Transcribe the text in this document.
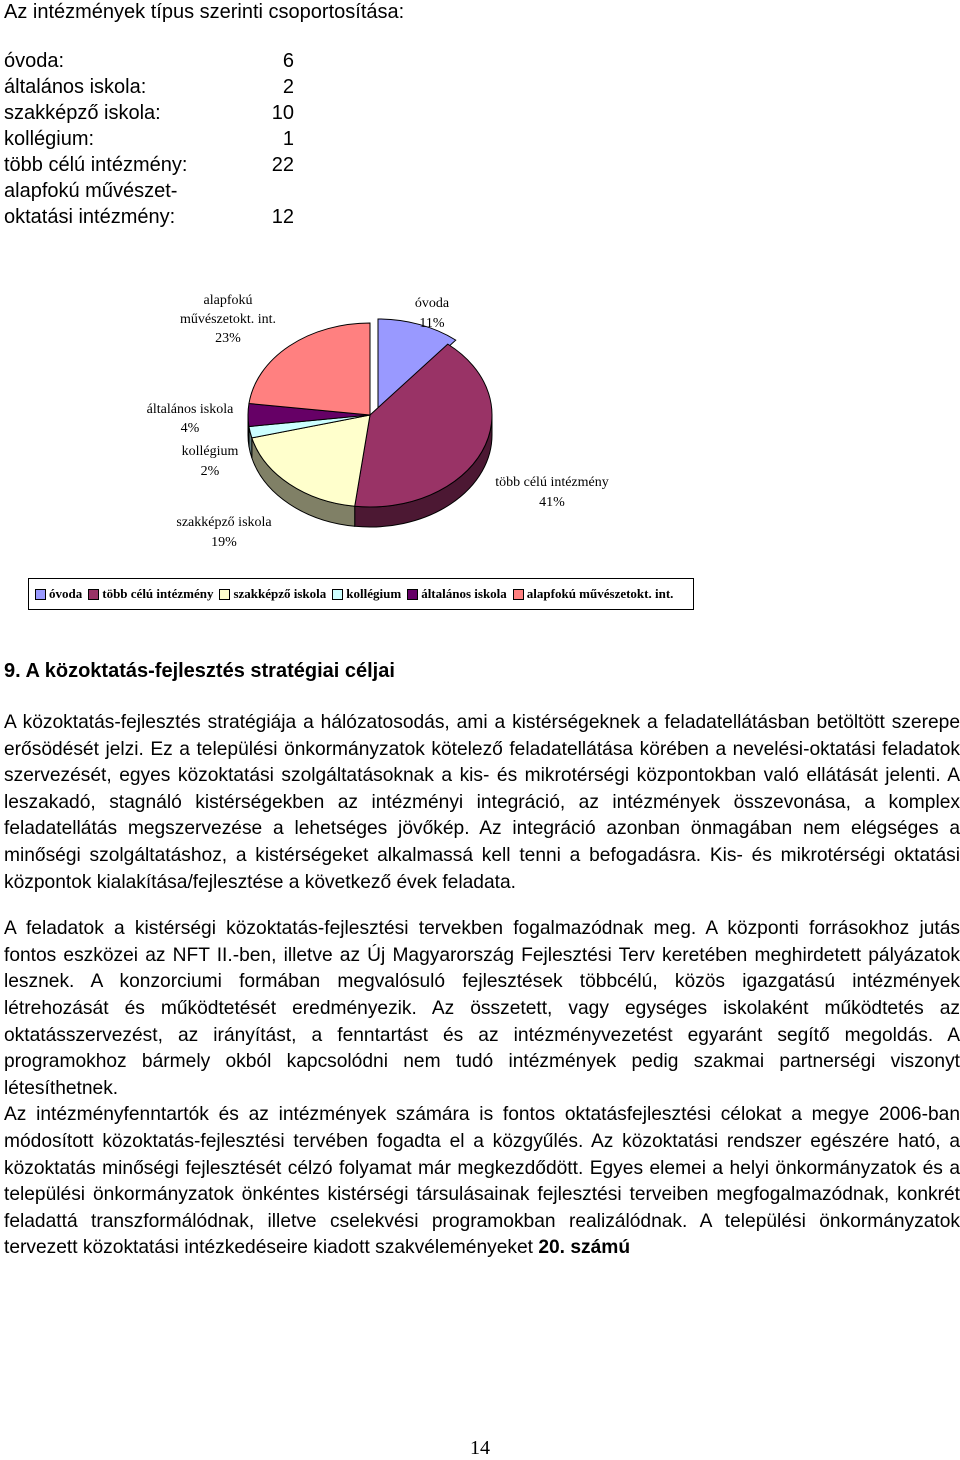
Az intézmények típus szerinti csoportosítása:
óvoda:	6
általános iskola:	2
szakképző iskola:	10
kollégium:	1
több célú intézmény:	22
alapfokú művészet-
oktatási intézmény:	12
alapfokú
művészetokt. int.
23%
óvoda
11%
általános iskola
4%
kollégium
2%
szakképző iskola
19%
több célú intézmény
41%
óvoda több célú intézmény szakképző iskola kollégium általános iskola alapfokú művészetokt. int.
9. A közoktatás-fejlesztés stratégiai céljai

A közoktatás-fejlesztés stratégiája a hálózatosodás, ami a kistérségeknek a feladatellátásban betöltött szerepe erősödését jelzi. Ez a települési önkormányzatok kötelező feladatellátása körében a nevelési-oktatási feladatok szervezését, egyes közoktatási szolgáltatásoknak a kis- és mikrotérségi központokban való ellátását jelenti. A leszakadó, stagnáló kistérségekben az intézményi integráció, az intézmények összevonása, a komplex feladatellátás megszervezése a lehetséges jövőkép. Az integráció azonban önmagában nem elégséges a minőségi szolgáltatáshoz, a kistérségeket alkalmassá kell tenni a befogadásra. Kis- és mikrotérségi oktatási központok kialakítása/fejlesztése a következő évek feladata.

A feladatok a kistérségi közoktatás-fejlesztési tervekben fogalmazódnak meg. A központi forrásokhoz jutás fontos eszközei az NFT II.-ben, illetve az Új Magyarország Fejlesztési Terv keretében meghirdetett pályázatok lesznek. A konzorciumi formában megvalósuló fejlesztések többcélú, közös igazgatású intézmények létrehozását és működtetését eredményezik. Az összetett, vagy egységes iskolaként működtetés az oktatásszervezést, az irányítást, a fenntartást és az intézményvezetést egyaránt segítő megoldás. A programokhoz bármely okból kapcsolódni nem tudó intézmények pedig szakmai partnerségi viszonyt létesíthetnek.

Az intézményfenntartók és az intézmények számára is fontos oktatásfejlesztési célokat a megye 2006-ban módosított közoktatás-fejlesztési tervében fogadta el a közgyűlés. Az közoktatási rendszer egészére ható, a közoktatás minőségi fejlesztését célzó folyamat már megkezdődött. Egyes elemei a helyi önkormányzatok és a települési önkormányzatok önkéntes kistérségi társulásainak fejlesztési terveiben megfogalmazódnak, konkrét feladattá transzformálódnak, illetve cselekvési programokban realizálódnak. A települési önkormányzatok tervezett közoktatási intézkedéseire kiadott szakvéleményeket 20. számú

14
